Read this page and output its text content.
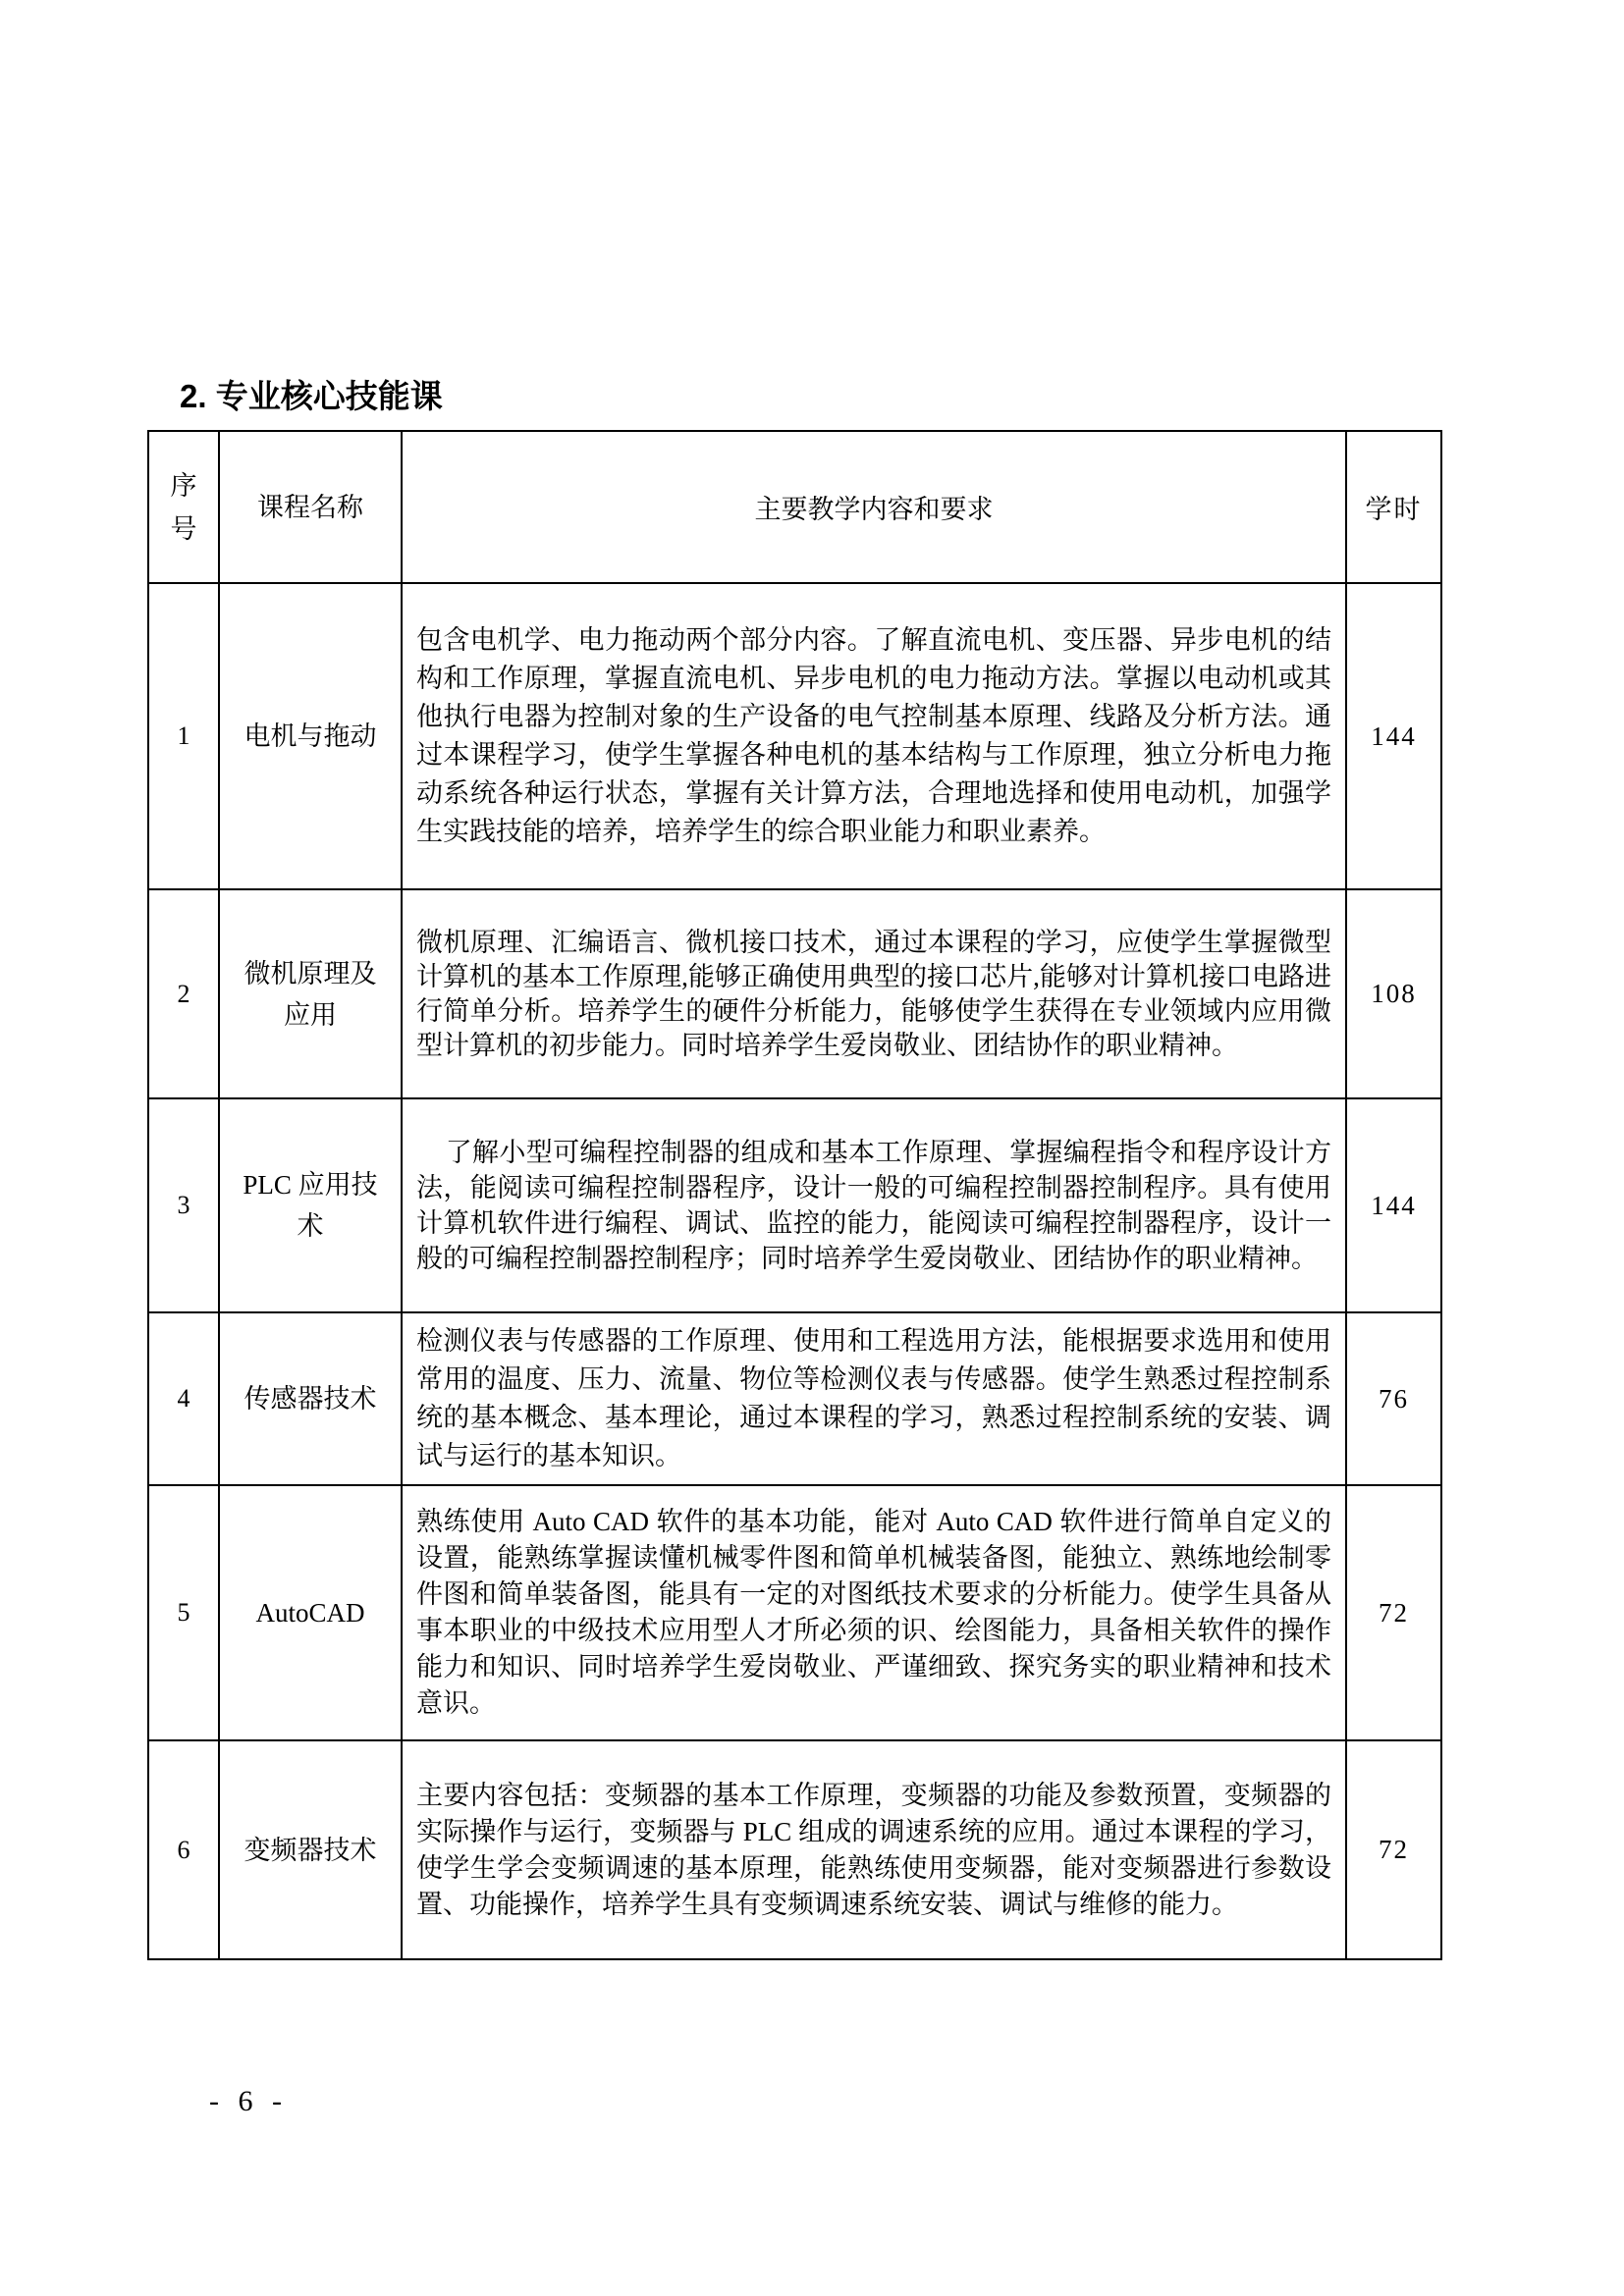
2. 专业核心技能课
序号	课程名称	主要教学内容和要求	学时
1	电机与拖动	包含电机学、电力拖动两个部分内容。了解直流电机、变压器、异步电机的结构和工作原理，掌握直流电机、异步电机的电力拖动方法。掌握以电动机或其他执行电器为控制对象的生产设备的电气控制基本原理、线路及分析方法。通过本课程学习，使学生掌握各种电机的基本结构与工作原理，独立分析电力拖动系统各种运行状态，掌握有关计算方法，合理地选择和使用电动机，加强学生实践技能的培养，培养学生的综合职业能力和职业素养。	144
2	微机原理及应用	微机原理、汇编语言、微机接口技术，通过本课程的学习，应使学生掌握微型计算机的基本工作原理,能够正确使用典型的接口芯片,能够对计算机接口电路进行简单分析。培养学生的硬件分析能力，能够使学生获得在专业领域内应用微型计算机的初步能力。同时培养学生爱岗敬业、团结协作的职业精神。	108
3	PLC 应用技术	了解小型可编程控制器的组成和基本工作原理、掌握编程指令和程序设计方法，能阅读可编程控制器程序，设计一般的可编程控制器控制程序。具有使用计算机软件进行编程、调试、监控的能力，能阅读可编程控制器程序，设计一般的可编程控制器控制程序；同时培养学生爱岗敬业、团结协作的职业精神。	144
4	传感器技术	检测仪表与传感器的工作原理、使用和工程选用方法，能根据要求选用和使用常用的温度、压力、流量、物位等检测仪表与传感器。使学生熟悉过程控制系统的基本概念、基本理论，通过本课程的学习，熟悉过程控制系统的安装、调试与运行的基本知识。	76
5	AutoCAD	熟练使用 Auto CAD 软件的基本功能，能对 Auto CAD 软件进行简单自定义的设置，能熟练掌握读懂机械零件图和简单机械装备图，能独立、熟练地绘制零件图和简单装备图，能具有一定的对图纸技术要求的分析能力。使学生具备从事本职业的中级技术应用型人才所必须的识、绘图能力，具备相关软件的操作能力和知识、同时培养学生爱岗敬业、严谨细致、探究务实的职业精神和技术意识。	72
6	变频器技术	主要内容包括：变频器的基本工作原理，变频器的功能及参数预置，变频器的实际操作与运行，变频器与 PLC 组成的调速系统的应用。通过本课程的学习，使学生学会变频调速的基本原理，能熟练使用变频器，能对变频器进行参数设置、功能操作，培养学生具有变频调速系统安装、调试与维修的能力。	72
- 6 -
